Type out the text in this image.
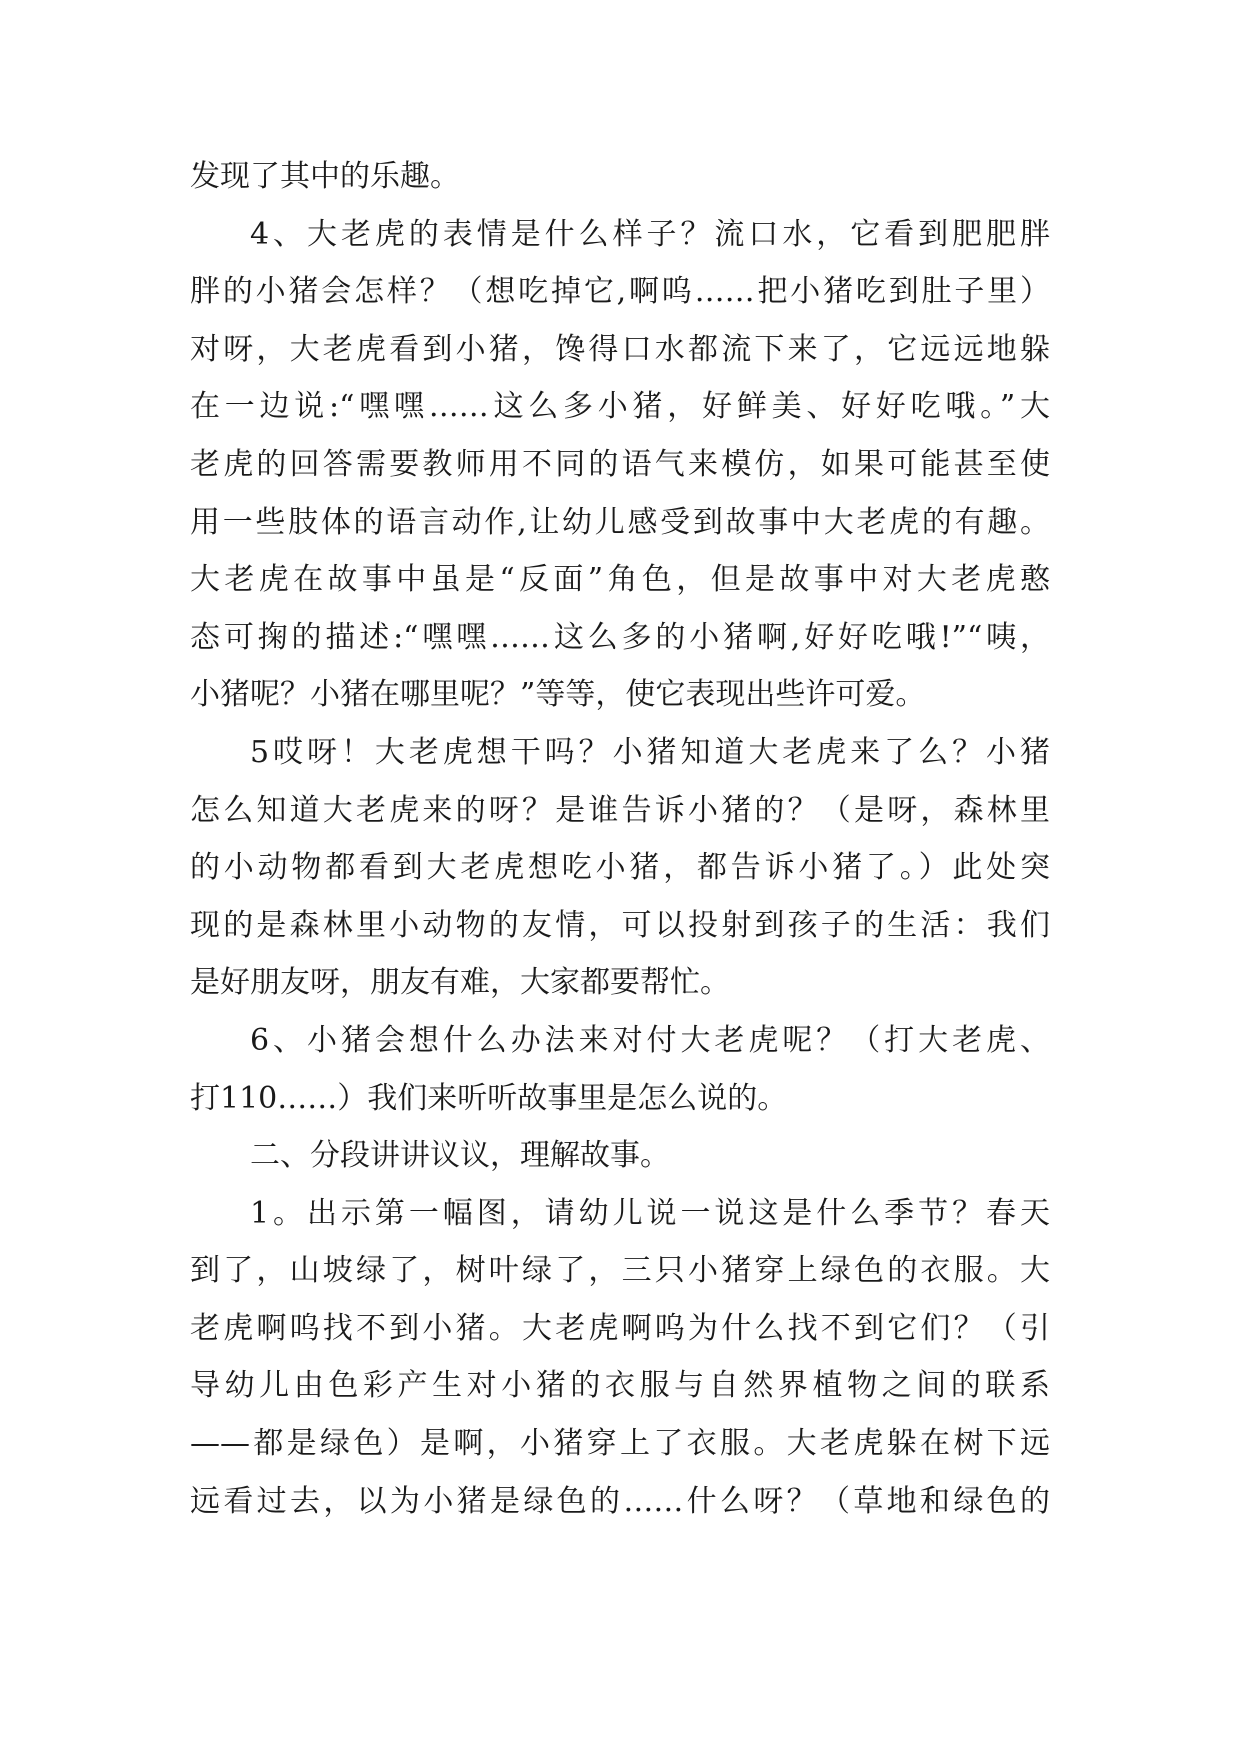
发现了其中的乐趣。
4、大老虎的表情是什么样子？流口水，它看到肥肥胖
胖的小猪会怎样？（想吃掉它,啊呜……把小猪吃到肚子里）
对呀，大老虎看到小猪，馋得口水都流下来了，它远远地躲
在一边说:“嘿嘿……这么多小猪，好鲜美、好好吃哦。”大
老虎的回答需要教师用不同的语气来模仿，如果可能甚至使
用一些肢体的语言动作,让幼儿感受到故事中大老虎的有趣。
大老虎在故事中虽是“反面”角色，但是故事中对大老虎憨
态可掬的描述:“嘿嘿……这么多的小猪啊,好好吃哦!”“咦，
小猪呢？小猪在哪里呢？”等等，使它表现出些许可爱。
5哎呀！大老虎想干吗？小猪知道大老虎来了么？小猪
怎么知道大老虎来的呀？是谁告诉小猪的？（是呀，森林里
的小动物都看到大老虎想吃小猪，都告诉小猪了。）此处突
现的是森林里小动物的友情，可以投射到孩子的生活：我们
是好朋友呀，朋友有难，大家都要帮忙。
6、小猪会想什么办法来对付大老虎呢？（打大老虎、
打110……）我们来听听故事里是怎么说的。
二、分段讲讲议议，理解故事。
1。出示第一幅图，请幼儿说一说这是什么季节？春天
到了，山坡绿了，树叶绿了，三只小猪穿上绿色的衣服。大
老虎啊呜找不到小猪。大老虎啊呜为什么找不到它们？（引
导幼儿由色彩产生对小猪的衣服与自然界植物之间的联系
——都是绿色）是啊，小猪穿上了衣服。大老虎躲在树下远
远看过去，以为小猪是绿色的……什么呀？（草地和绿色的
